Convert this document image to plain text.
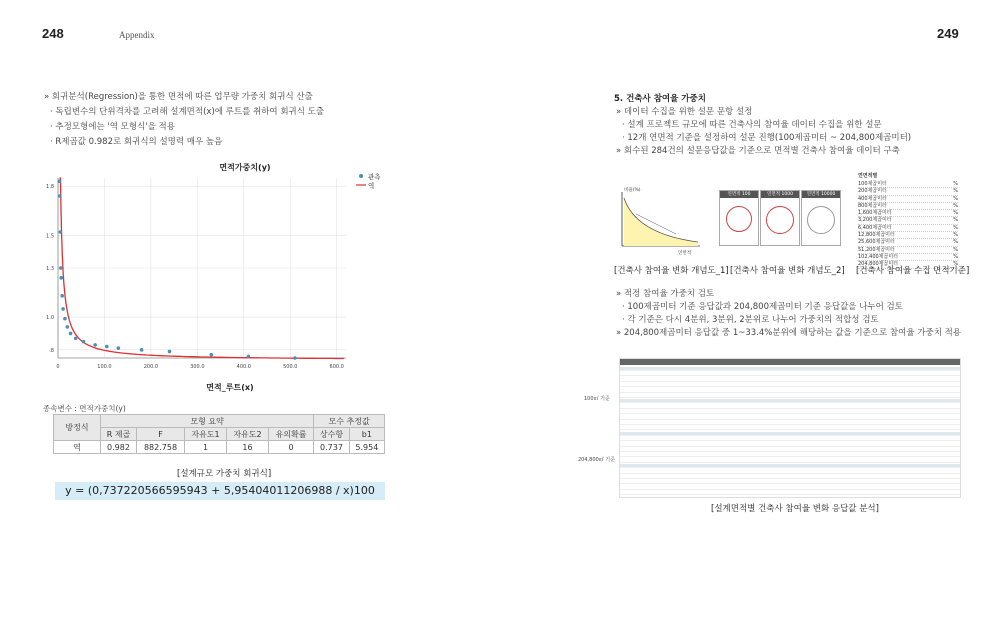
248	Appendix
» 회귀분석(Regression)을 통한 면적에 따른 업무량 가중치 회귀식 산출
· 독립변수의 단위격차를 고려해 설계면적(x)에 루트를 취하여 회귀식 도출
· 추정모형에는 '역 모형식'을 적용
· R제곱값 0.982로 회귀식의 설명력 매우 높음
면적가중치(y)
1.8
1.5
1.3
1.0
.8
0	100.0	200.0	300.0	400.0	500.0	600.0
관측
역
면적_루트(x)
종속변수 : 면적가중치(y)
방정식	모형 요약					모수 추정값	
	R 제곱	F	자유도1	자유도2	유의확률	상수항	b1
역	0.982	882.758	1	16	0	0.737	5.954
[설계규모 가중치 회귀식]
y = (0,737220566595943 + 5,95404011206988 / x)100
249
5. 건축사 참여율 가중치
» 데이터 수집을 위한 설문 문항 설정
· 설계 프로젝트 규모에 따른 건축사의 참여율 데이터 수집을 위한 설문
· 12개 연면적 기준을 설정하여 설문 진행(100제곱미터 ~ 204,800제곱미터)
» 회수된 284건의 설문응답값을 기준으로 면적별 건축사 참여율 데이터 구축
비율(%)
연면적
연면적 100	연면적 1000	연면적 10000
연면적별
100제곱미터	%
200제곱미터	%
400제곱미터	%
800제곱미터	%
1,600제곱미터	%
3,200제곱미터	%
6,400제곱미터	%
12,800제곱미터	%
25,600제곱미터	%
51,200제곱미터	%
102,400제곱미터	%
204,800제곱미터	%
[건축사 참여율 변화 개념도_1] [건축사 참여율 변화 개념도_2] [건축사 참여율 수집 면적기준]
» 적정 참여율 가중치 검토
· 100제곱미터 기준 응답값과 204,800제곱미터 기준 응답값을 나누어 검토
· 각 기준은 다시 4분위, 3분위, 2분위로 나누어 가중치의 적합성 검토
» 204,800제곱미터 응답값 중 1~33.4%분위에 해당하는 값을 기준으로 참여율 가중치 적용
100㎡ 기준
204,800㎡ 기준
[설계면적별 건축사 참여율 변화 응답값 분석]
